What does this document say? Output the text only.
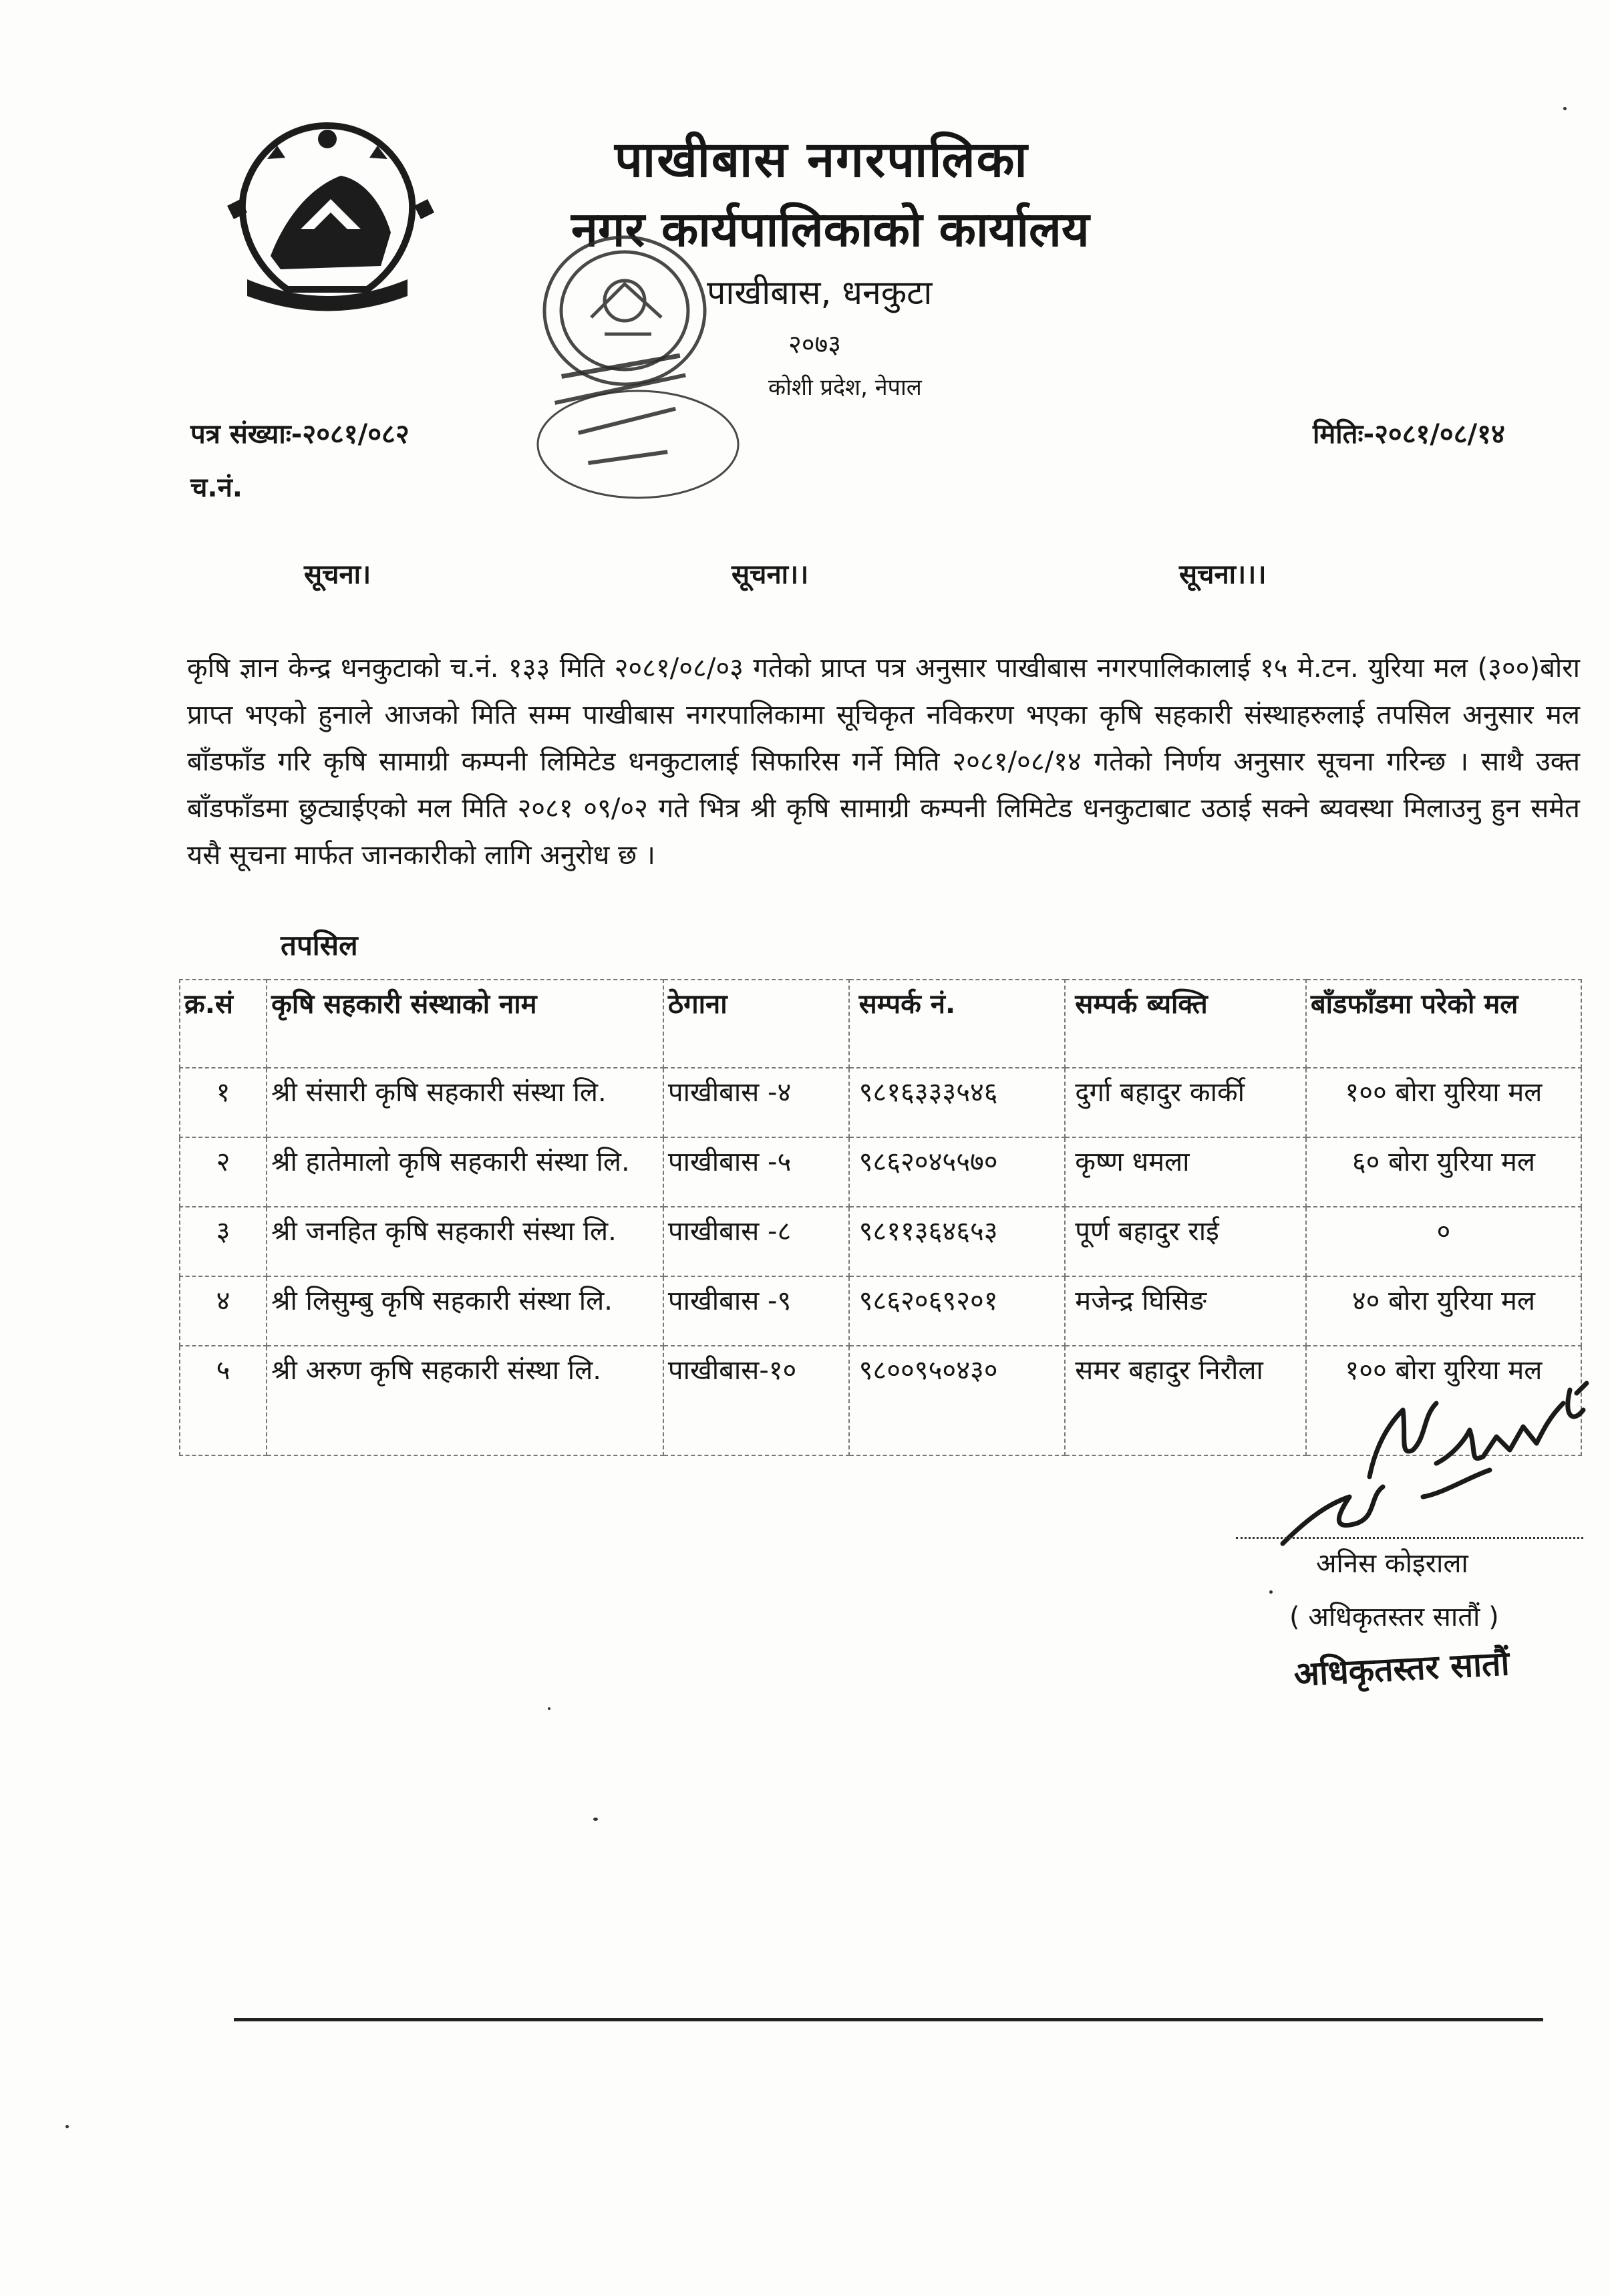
पाखीबास नगरपालिका
नगर कार्यपालिकाको कार्यालय
पाखीबास, धनकुटा
२०७३
कोशी प्रदेश, नेपाल
पत्र संख्याः-२०८१/०८२
च.नं.
मितिः-२०८१/०८/१४
सूचना।	सूचना।।	सूचना।।।
कृषि ज्ञान केन्द्र धनकुटाको च.नं. १३३ मिति २०८१/०८/०३ गतेको प्राप्त पत्र अनुसार पाखीबास नगरपालिकालाई १५ मे.टन. युरिया मल (३००)बोरा प्राप्त भएको हुनाले आजको मिति सम्म पाखीबास नगरपालिकामा सूचिकृत नविकरण भएका कृषि सहकारी संस्थाहरुलाई तपसिल अनुसार मल बाँडफाँड गरि कृषि सामाग्री कम्पनी लिमिटेड धनकुटालाई सिफारिस गर्ने मिति २०८१/०८/१४ गतेको निर्णय अनुसार सूचना गरिन्छ । साथै उक्त बाँडफाँडमा छुट्याईएको मल मिति २०८१ ०९/०२ गते भित्र श्री कृषि सामाग्री कम्पनी लिमिटेड धनकुटाबाट उठाई सक्ने ब्यवस्था मिलाउनु हुन समेत यसै सूचना मार्फत जानकारीको लागि अनुरोध छ ।
तपसिल
क्र.सं	कृषि सहकारी संस्थाको नाम	ठेगाना	सम्पर्क नं.	सम्पर्क ब्यक्ति	बाँडफाँडमा परेको मल
१	श्री संसारी कृषि सहकारी संस्था लि.	पाखीबास -४	९८१६३३३५४६	दुर्गा बहादुर कार्की	१०० बोरा युरिया मल
२	श्री हातेमालो कृषि सहकारी संस्था लि.	पाखीबास -५	९८६२०४५५७०	कृष्ण धमला	६० बोरा युरिया मल
३	श्री जनहित कृषि सहकारी संस्था लि.	पाखीबास -८	९८११३६४६५३	पूर्ण बहादुर राई	०
४	श्री लिसुम्बु कृषि सहकारी संस्था लि.	पाखीबास -९	९८६२०६९२०१	मजेन्द्र घिसिङ	४० बोरा युरिया मल
५	श्री अरुण कृषि सहकारी संस्था लि.	पाखीबास-१०	९८००९५०४३०	समर बहादुर निरौला	१०० बोरा युरिया मल
अनिस कोइराला
( अधिकृतस्तर सातौं )
अधिकृतस्तर सातौं
